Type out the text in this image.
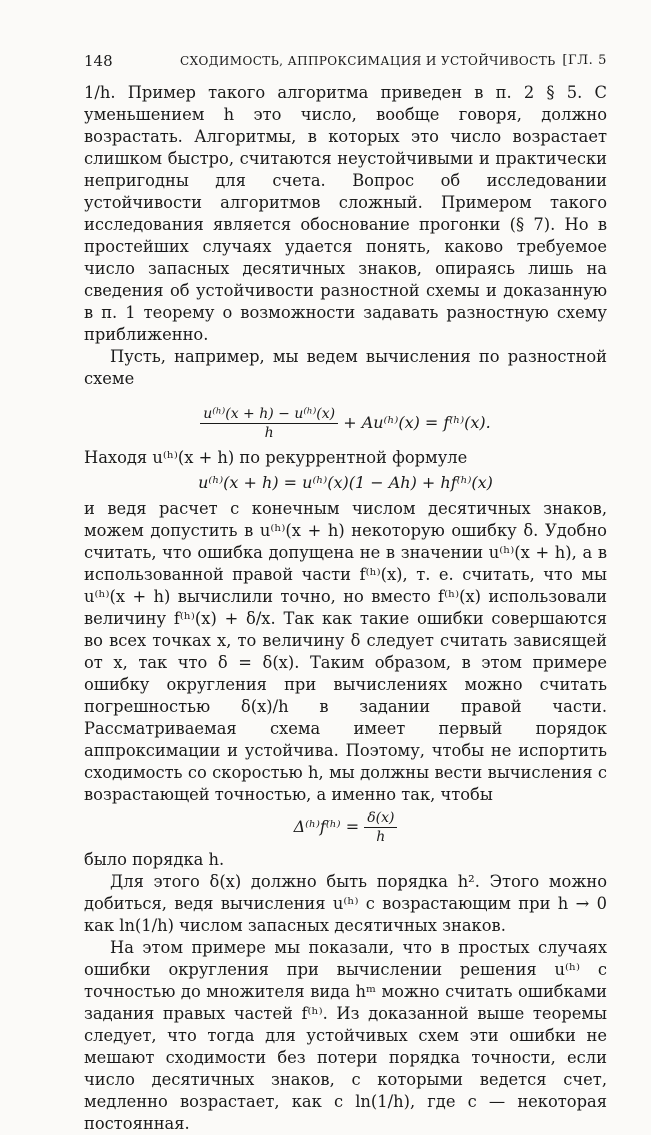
148	СХОДИМОСТЬ, АППРОКСИМАЦИЯ И УСТОЙЧИВОСТЬ [ГЛ. 5

1/h. Пример такого алгоритма приведен в п. 2 § 5. С уменьшением h это число, вообще говоря, должно возрастать. Алгоритмы, в которых это число возрастает слишком быстро, считаются неустойчивыми и практически непригодны для счета. Вопрос об исследовании устойчивости алгоритмов сложный. Примером такого исследования является обоснование прогонки (§ 7). Но в простейших случаях удается понять, каково требуемое число запасных десятичных знаков, опираясь лишь на сведения об устойчивости разностной схемы и доказанную в п. 1 теорему о возможности задавать разностную схему приближенно.

Пусть, например, мы ведем вычисления по разностной схеме

$\frac{\text{u⁽ʰ⁾(x + h) − u⁽ʰ⁾(x)}}{h}$ + Au⁽ʰ⁾(x) = f⁽ʰ⁾(x).

Находя u⁽ʰ⁾(x + h) по рекуррентной формуле

u⁽ʰ⁾(x + h) = u⁽ʰ⁾(x)(1 − Ah) + hf⁽ʰ⁾(x)

и ведя расчет с конечным числом десятичных знаков, можем допустить в u⁽ʰ⁾(x + h) некоторую ошибку δ. Удобно считать, что ошибка допущена не в значении u⁽ʰ⁾(x + h), а в использованной правой части f⁽ʰ⁾(x), т. е. считать, что мы u⁽ʰ⁾(x + h) вычислили точно, но вместо f⁽ʰ⁾(x) использовали величину f⁽ʰ⁾(x) + δ/x. Так как такие ошибки совершаются во всех точках x, то величину δ следует считать зависящей от x, так что δ = δ(x). Таким образом, в этом примере ошибку округления при вычислениях можно считать погрешностью δ(x)/h в задании правой части. Рассматриваемая схема имеет первый порядок аппроксимации и устойчива. Поэтому, чтобы не испортить сходимость со скоростью h, мы должны вести вычисления с возрастающей точностью, а именно так, чтобы

Δ⁽ʰ⁾f⁽ʰ⁾ = $\frac{\delta(x)}{h}$

было порядка h.

Для этого δ(x) должно быть порядка h². Этого можно добиться, ведя вычисления u⁽ʰ⁾ с возрастающим при h → 0 как ln(1/h) числом запасных десятичных знаков.

На этом примере мы показали, что в простых случаях ошибки округления при вычислении решения u⁽ʰ⁾ с точностью до множителя вида hᵐ можно считать ошибками задания правых частей f⁽ʰ⁾. Из доказанной выше теоремы следует, что тогда для устойчивых схем эти ошибки не мешают сходимости без потери порядка точности, если число десятичных знаков, с которыми ведется счет, медленно возрастает, как c ln(1/h), где c — некоторая постоянная.
